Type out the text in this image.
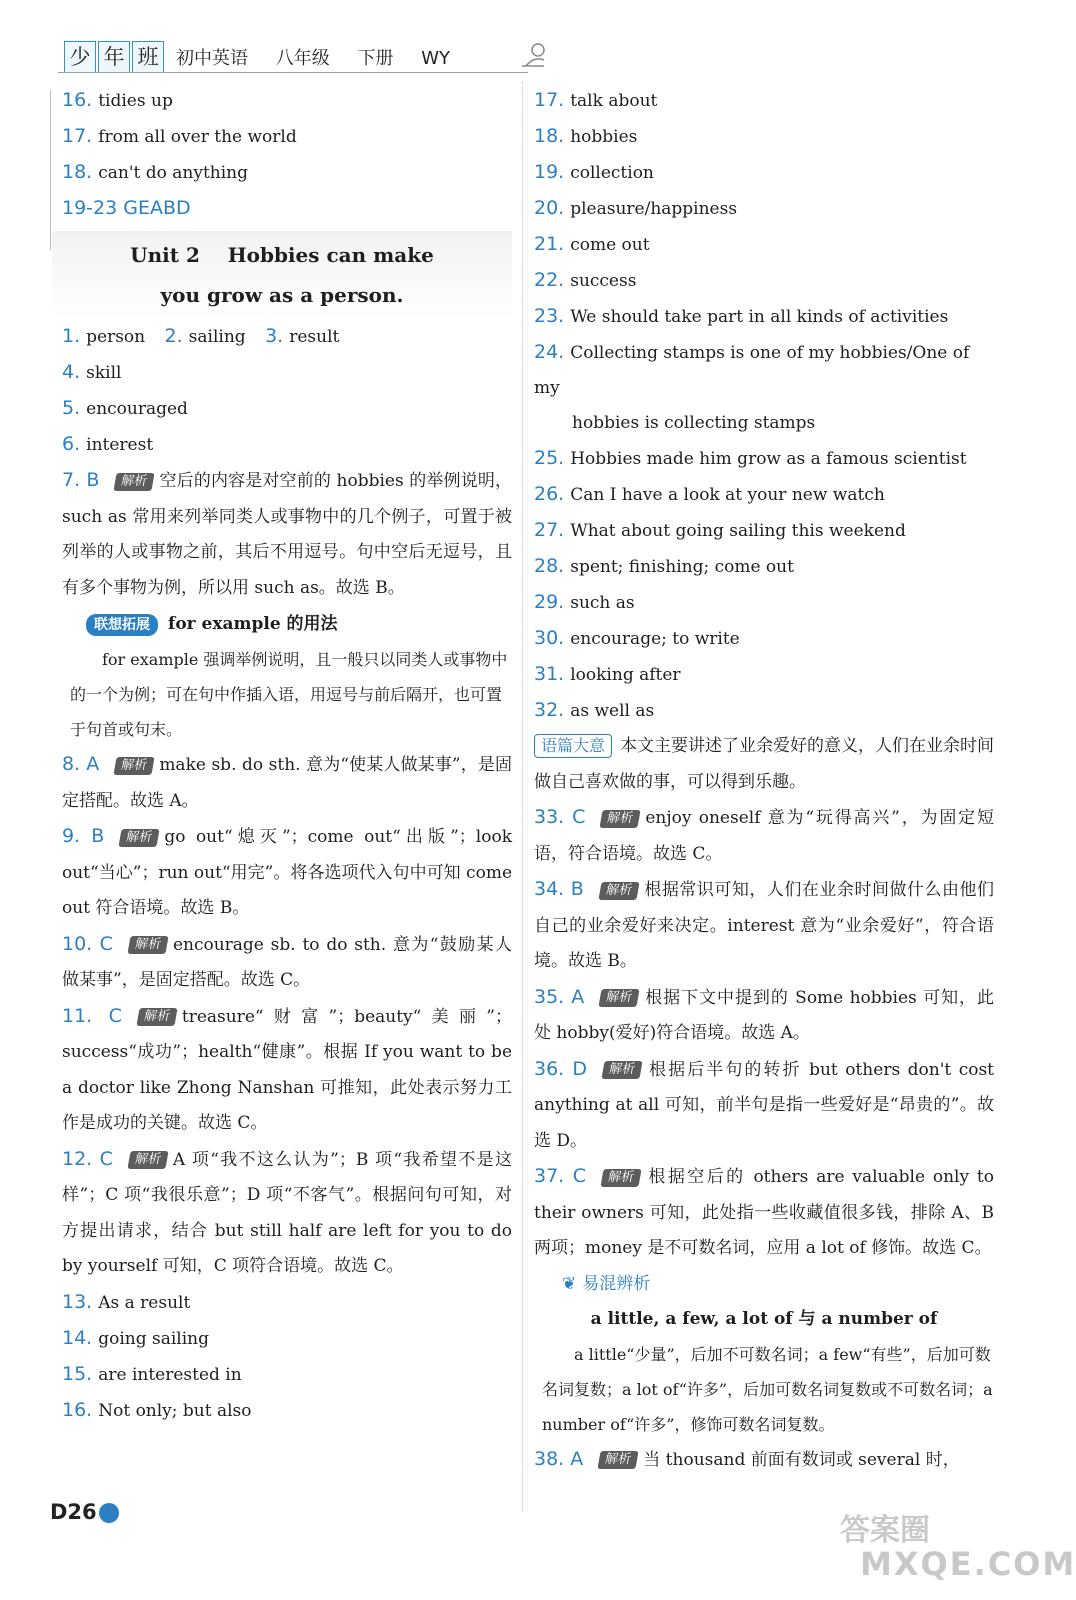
少 年 班 初中英语 八年级 下册 WY
16. tidies up
17. from all over the world
18. can't do anything
19-23 GEABD
Unit 2    Hobbies can make
you grow as a person.
1. person 2. sailing 3. result
4. skill
5. encouraged
6. interest
7. B 解析 空后的内容是对空前的 hobbies 的举例说明，such as 常用来列举同类人或事物中的几个例子，可置于被列举的人或事物之前，其后不用逗号。句中空后无逗号，且有多个事物为例，所以用 such as。故选 B。
联想拓展 for example 的用法
for example 强调举例说明，且一般只以同类人或事物中的一个为例；可在句中作插入语，用逗号与前后隔开，也可置于句首或句末。
8. A 解析 make sb. do sth. 意为“使某人做某事”，是固定搭配。故选 A。
9. B 解析 go out“熄灭”；come out“出版”；look out“当心”；run out“用完”。将各选项代入句中可知 come out 符合语境。故选 B。
10. C 解析 encourage sb. to do sth. 意为“鼓励某人做某事”，是固定搭配。故选 C。
11. C 解析 treasure“财富”；beauty“美丽”；success“成功”；health“健康”。根据 If you want to be a doctor like Zhong Nanshan 可推知，此处表示努力工作是成功的关键。故选 C。
12. C 解析 A 项“我不这么认为”；B 项“我希望不是这样”；C 项“我很乐意”；D 项“不客气”。根据问句可知，对方提出请求，结合 but still half are left for you to do by yourself 可知，C 项符合语境。故选 C。
13. As a result
14. going sailing
15. are interested in
16. Not only; but also
17. talk about
18. hobbies
19. collection
20. pleasure/happiness
21. come out
22. success
23. We should take part in all kinds of activities
24. Collecting stamps is one of my hobbies/One of my
hobbies is collecting stamps
25. Hobbies made him grow as a famous scientist
26. Can I have a look at your new watch
27. What about going sailing this weekend
28. spent; finishing; come out
29. such as
30. encourage; to write
31. looking after
32. as well as
语篇大意 本文主要讲述了业余爱好的意义，人们在业余时间做自己喜欢做的事，可以得到乐趣。
33. C 解析 enjoy oneself 意为“玩得高兴”，为固定短语，符合语境。故选 C。
34. B 解析 根据常识可知，人们在业余时间做什么由他们自己的业余爱好来决定。interest 意为“业余爱好”，符合语境。故选 B。
35. A 解析 根据下文中提到的 Some hobbies 可知，此处 hobby(爱好)符合语境。故选 A。
36. D 解析 根据后半句的转折 but others don't cost anything at all 可知，前半句是指一些爱好是“昂贵的”。故选 D。
37. C 解析 根据空后的 others are valuable only to their owners 可知，此处指一些收藏值很多钱，排除 A、B 两项；money 是不可数名词，应用 a lot of 修饰。故选 C。
❦ 易混辨析
a little, a few, a lot of 与 a number of
a little“少量”，后加不可数名词；a few“有些”，后加可数名词复数；a lot of“许多”，后加可数名词复数或不可数名词；a number of“许多”，修饰可数名词复数。
38. A 解析 当 thousand 前面有数词或 several 时，
D26
答案圈
MXQE.COM
